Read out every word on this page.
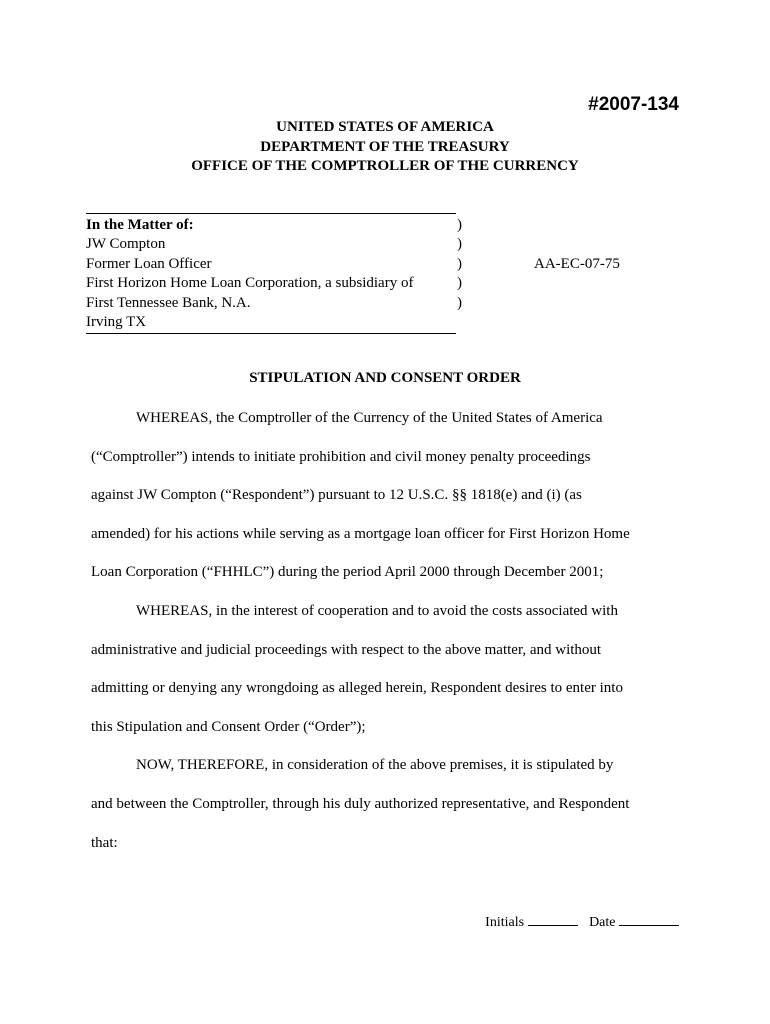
#2007-134
UNITED STATES OF AMERICA
DEPARTMENT OF THE TREASURY
OFFICE OF THE COMPTROLLER OF THE CURRENCY
In the Matter of:
JW Compton
Former Loan Officer
First Horizon Home Loan Corporation, a subsidiary of
First Tennessee Bank, N.A.
Irving TX
)
)
)
)
)
AA-EC-07-75
STIPULATION AND CONSENT ORDER
WHEREAS, the Comptroller of the Currency of the United States of America
(“Comptroller”) intends to initiate prohibition and civil money penalty proceedings
against JW Compton (“Respondent”) pursuant to 12 U.S.C. §§ 1818(e) and (i) (as
amended) for his actions while serving as a mortgage loan officer for First Horizon Home
Loan Corporation (“FHHLC”) during the period April 2000 through December 2001;
WHEREAS, in the interest of cooperation and to avoid the costs associated with
administrative and judicial proceedings with respect to the above matter, and without
admitting or denying any wrongdoing as alleged herein, Respondent desires to enter into
this Stipulation and Consent Order (“Order”);
NOW, THEREFORE, in consideration of the above premises, it is stipulated by
and between the Comptroller, through his duly authorized representative, and Respondent
that:
Initials	Date
